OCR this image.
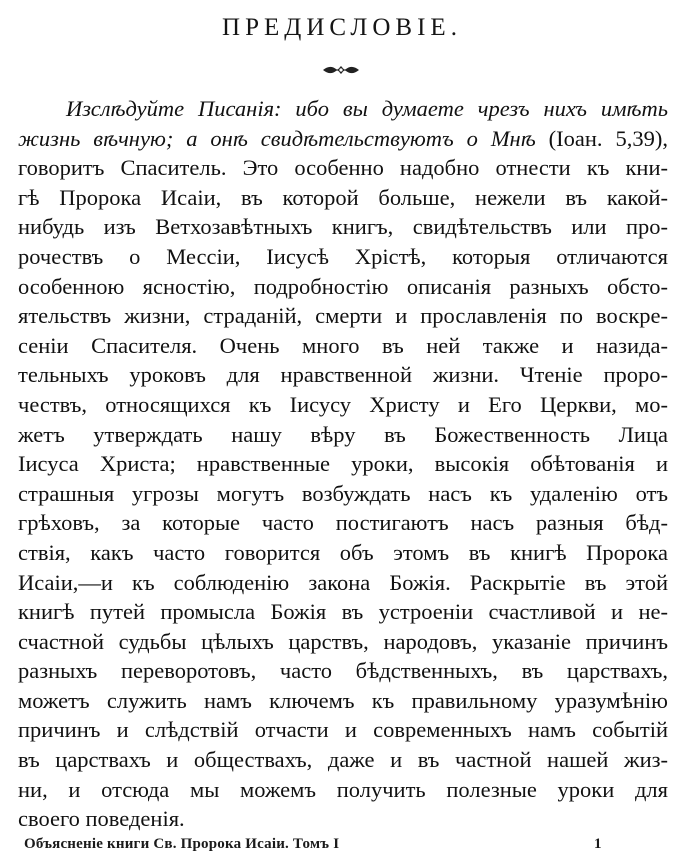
ПРЕДИСЛОВІЕ.
Изслѣдуйте Писанія: ибо вы думаете чрезъ нихъ имѣть
жизнь вѣчную; а онѣ свидѣтельствуютъ о Мнѣ (Іоан. 5,39),
говоритъ Спаситель. Это особенно надобно отнести къ кни-
гѣ Пророка Исаіи, въ которой больше, нежели въ какой-
нибудь изъ Ветхозавѣтныхъ книгъ, свидѣтельствъ или про-
рочествъ о Мессіи, Іисусѣ Хрістѣ, которыя отличаются
особенною ясностію, подробностію описанія разныхъ обсто-
ятельствъ жизни, страданій, смерти и прославленія по воскре-
сеніи Спасителя. Очень много въ ней также и назида-
тельныхъ уроковъ для нравственной жизни. Чтеніе проро-
чествъ, относящихся къ Іисусу Христу и Его Церкви, мо-
жетъ утверждать нашу вѣру въ Божественность Лица
Іисуса Христа; нравственные уроки, высокія обѣтованія и
страшныя угрозы могутъ возбуждать насъ къ удаленію отъ
грѣховъ, за которые часто постигаютъ насъ разныя бѣд-
ствія, какъ часто говорится объ этомъ въ книгѣ Пророка
Исаіи,—и къ соблюденію закона Божія. Раскрытіе въ этой
книгѣ путей промысла Божія въ устроеніи счастливой и не-
счастной судьбы цѣлыхъ царствъ, народовъ, указаніе причинъ
разныхъ переворотовъ, часто бѣдственныхъ, въ царствахъ,
можетъ служить намъ ключемъ къ правильному уразумѣнію
причинъ и слѣдствій отчасти и современныхъ намъ событій
въ царствахъ и обществахъ, даже и въ частной нашей жиз-
ни, и отсюда мы можемъ получить полезные уроки для
своего поведенія.
Объясненіе книги Св. Пророка Исаіи. Томъ I	1
